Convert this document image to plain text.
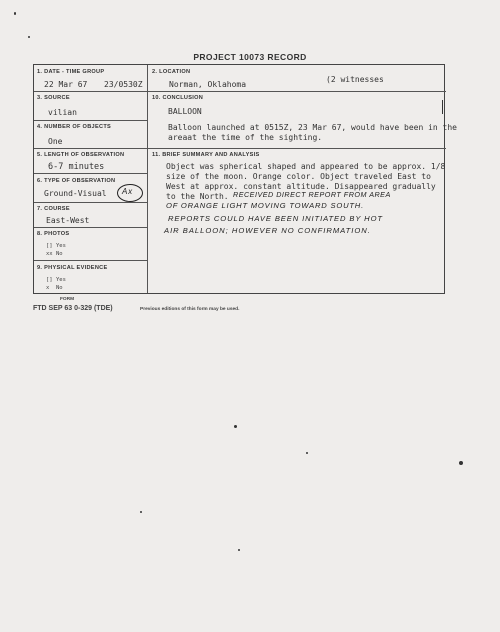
PROJECT 10073 RECORD
1. DATE - TIME GROUP
22 Mar 67 23/0530Z
2. LOCATION
Norman, Oklahoma
(2 witnesses
3. SOURCE
vilian
10. CONCLUSION
BALLOON
Balloon launched at 0515Z, 23 Mar 67, would have been in the
areaat the time of the sighting.
4. NUMBER OF OBJECTS
One
5. LENGTH OF OBSERVATION
6-7 minutes
11. BRIEF SUMMARY AND ANALYSIS
Object was spherical shaped and appeared to be approx. 1/8
size of the moon. Orange color. Object traveled East to
West at approx. constant altitude. Disappeared gradually
to the North. RECEIVED DIRECT REPORT FROM AREA
OF ORANGE LIGHT MOVING TOWARD SOUTH.
REPORTS COULD HAVE BEEN INITIATED BY HOT
AIR BALLOON; HOWEVER NO CONFIRMATION.
6. TYPE OF OBSERVATION
Ground-Visual Ax
7. COURSE
East-West
8. PHOTOS
[] Yes
xx No
9. PHYSICAL EVIDENCE
[] Yes
x No
FORM
FTD SEP 63 0-329 (TDE)	Previous editions of this form may be used.
